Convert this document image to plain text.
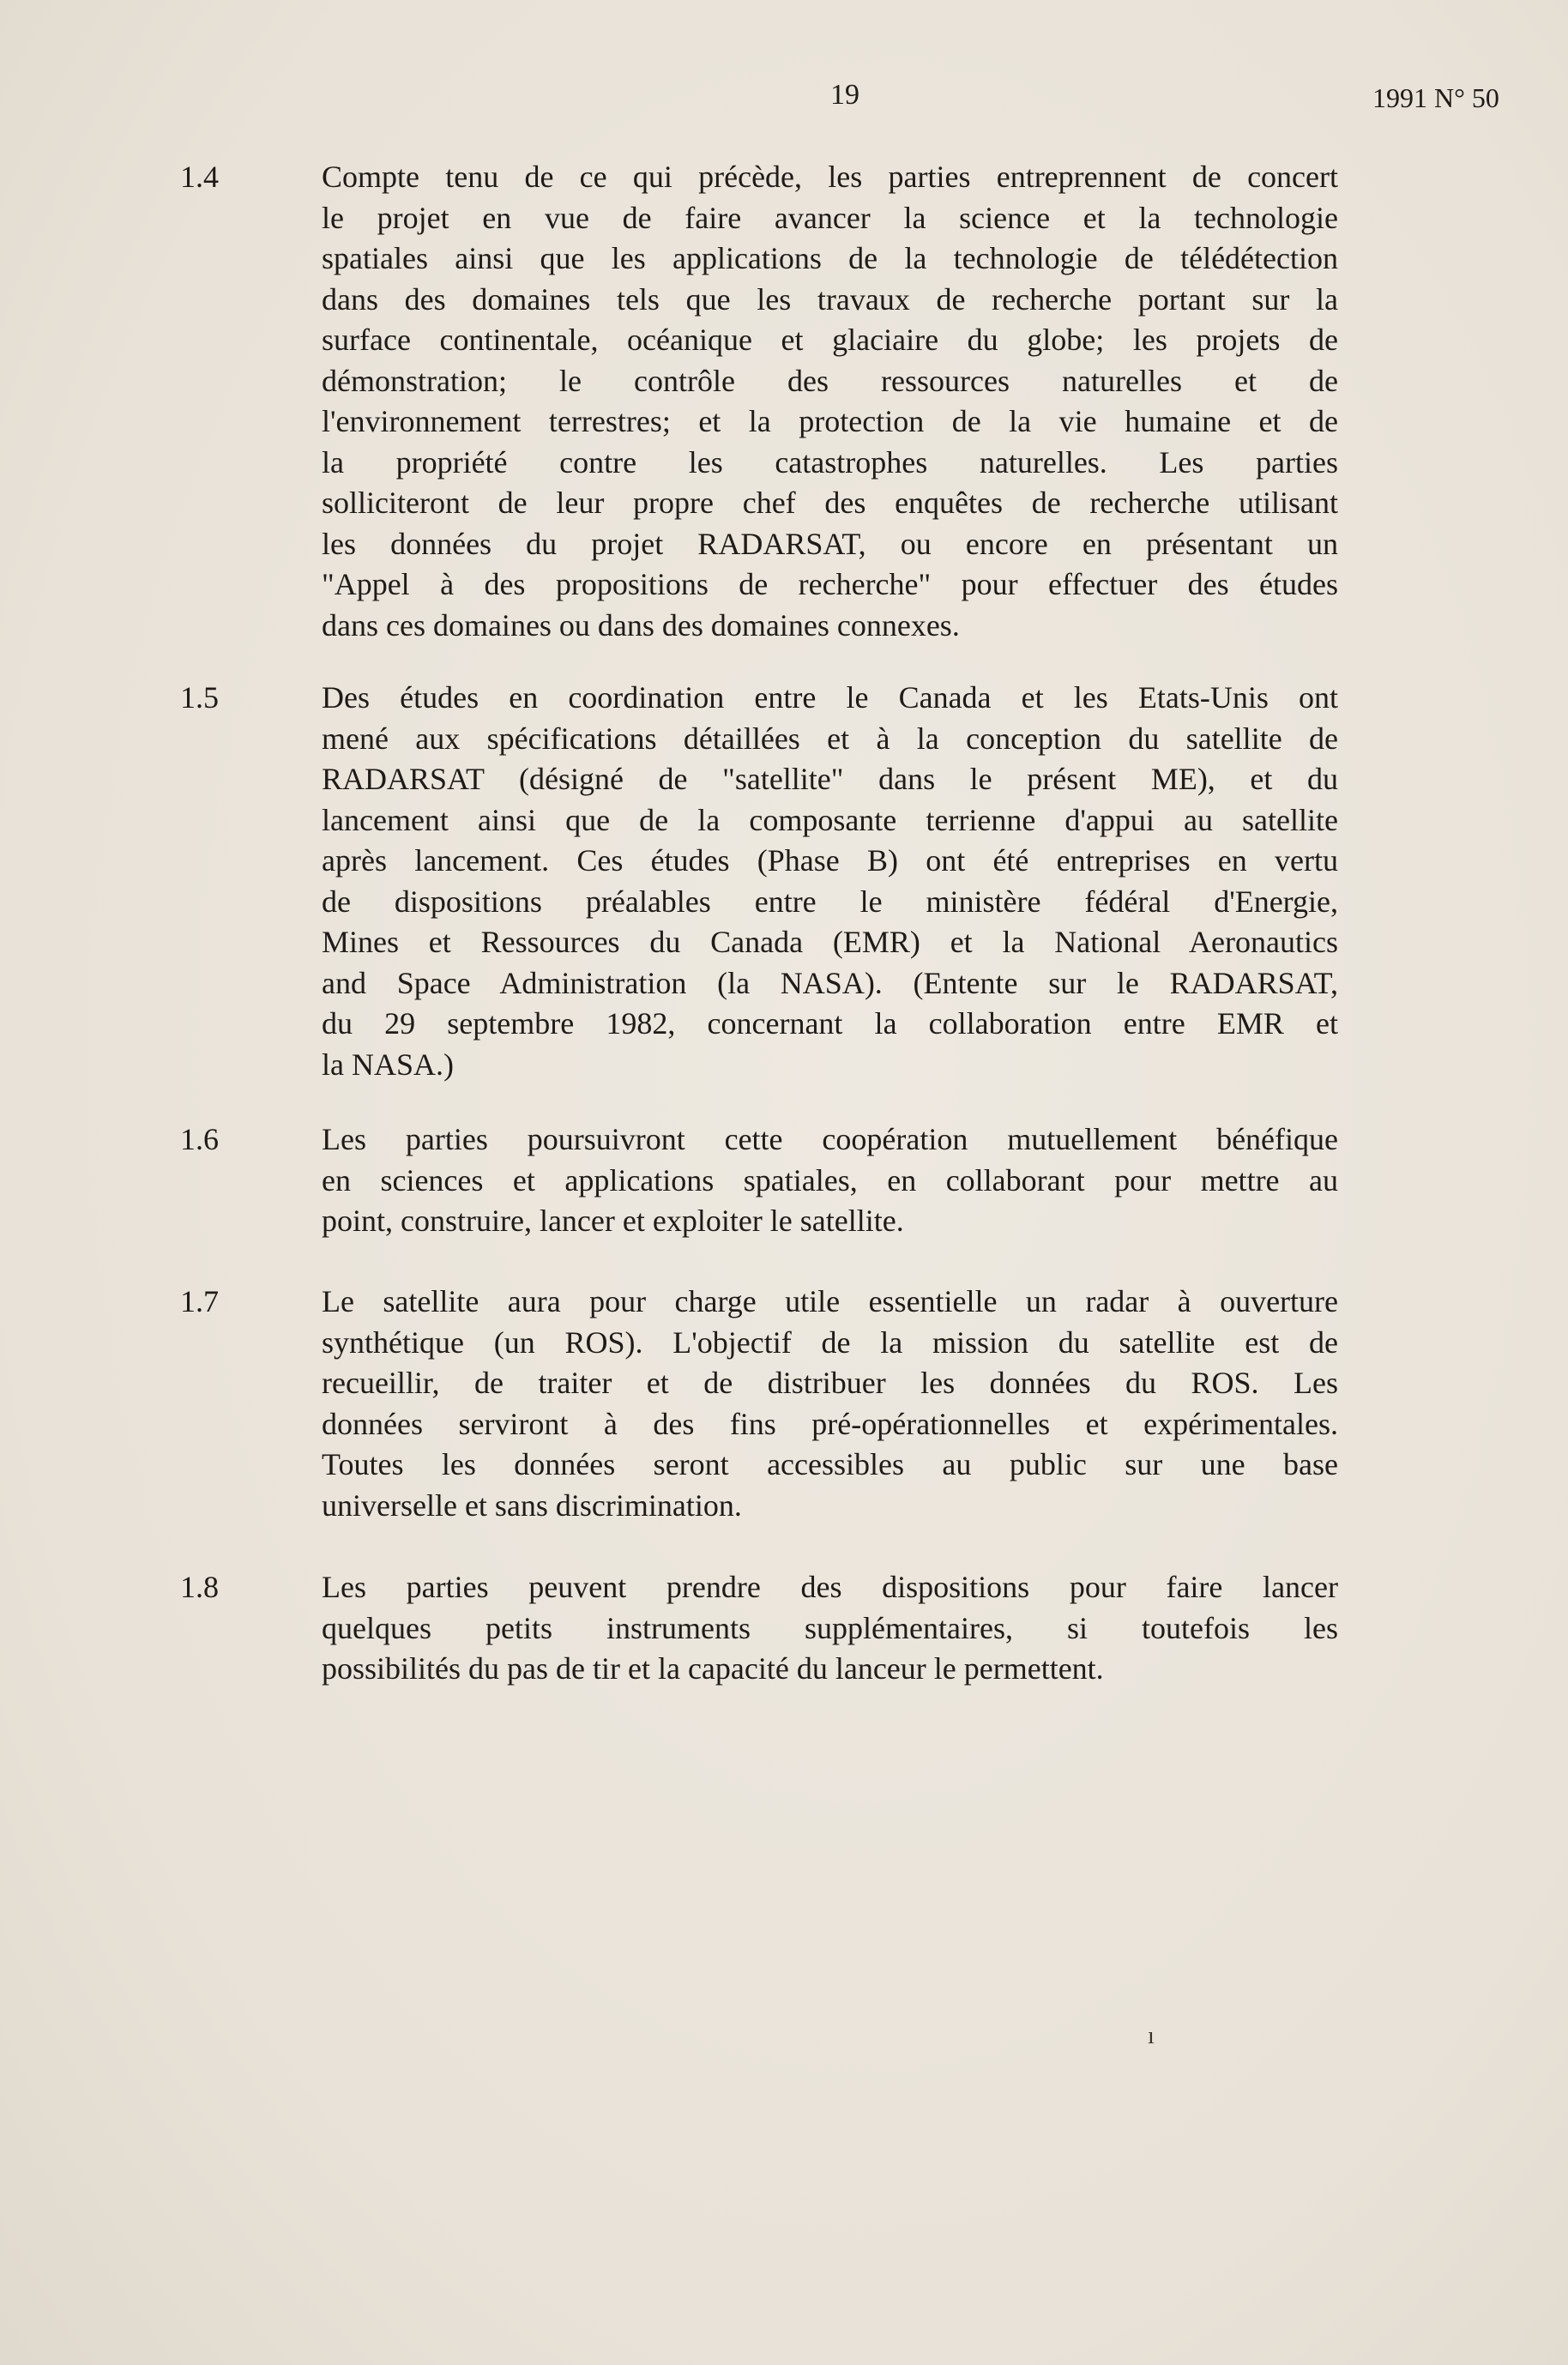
19	1991 N° 50
1.4	Compte tenu de ce qui précède, les parties entreprennent de concert
le projet en vue de faire avancer la science et la technologie
spatiales ainsi que les applications de la technologie de télédétection
dans des domaines tels que les travaux de recherche portant sur la
surface continentale, océanique et glaciaire du globe; les projets de
démonstration; le contrôle des ressources naturelles et de
l'environnement terrestres; et la protection de la vie humaine et de
la propriété contre les catastrophes naturelles. Les parties
solliciteront de leur propre chef des enquêtes de recherche utilisant
les données du projet RADARSAT, ou encore en présentant un
"Appel à des propositions de recherche" pour effectuer des études
dans ces domaines ou dans des domaines connexes.
1.5	Des études en coordination entre le Canada et les Etats-Unis ont
mené aux spécifications détaillées et à la conception du satellite de
RADARSAT (désigné de "satellite" dans le présent ME), et du
lancement ainsi que de la composante terrienne d'appui au satellite
après lancement. Ces études (Phase B) ont été entreprises en vertu
de dispositions préalables entre le ministère fédéral d'Energie,
Mines et Ressources du Canada (EMR) et la National Aeronautics
and Space Administration (la NASA). (Entente sur le RADARSAT,
du 29 septembre 1982, concernant la collaboration entre EMR et
la NASA.)
1.6	Les parties poursuivront cette coopération mutuellement bénéfique
en sciences et applications spatiales, en collaborant pour mettre au
point, construire, lancer et exploiter le satellite.
1.7	Le satellite aura pour charge utile essentielle un radar à ouverture
synthétique (un ROS). L'objectif de la mission du satellite est de
recueillir, de traiter et de distribuer les données du ROS. Les
données serviront à des fins pré-opérationnelles et expérimentales.
Toutes les données seront accessibles au public sur une base
universelle et sans discrimination.
1.8	Les parties peuvent prendre des dispositions pour faire lancer
quelques petits instruments supplémentaires, si toutefois les
possibilités du pas de tir et la capacité du lanceur le permettent.
ı
